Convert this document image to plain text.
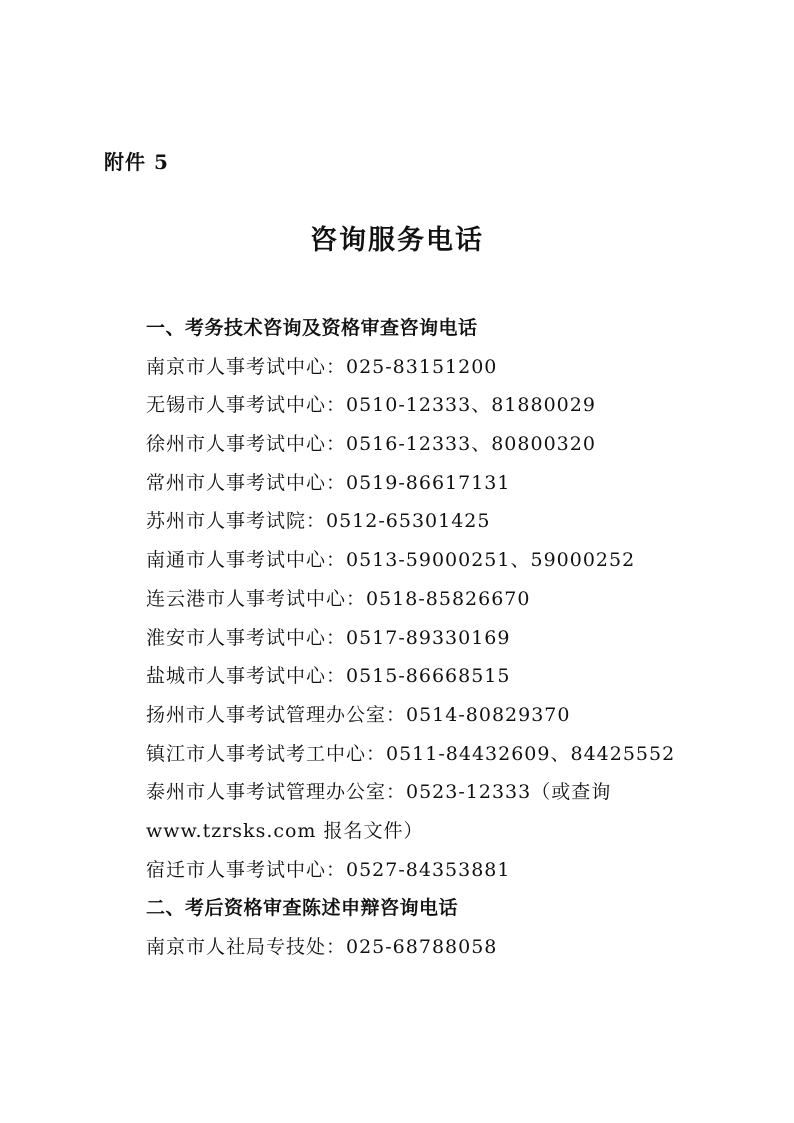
附件 5
咨询服务电话
一、考务技术咨询及资格审查咨询电话
南京市人事考试中心：025-83151200
无锡市人事考试中心：0510-12333、81880029
徐州市人事考试中心：0516-12333、80800320
常州市人事考试中心：0519-86617131
苏州市人事考试院：0512-65301425
南通市人事考试中心：0513-59000251、59000252
连云港市人事考试中心：0518-85826670
淮安市人事考试中心：0517-89330169
盐城市人事考试中心：0515-86668515
扬州市人事考试管理办公室：0514-80829370
镇江市人事考试考工中心：0511-84432609、84425552
泰州市人事考试管理办公室：0523-12333（或查询
www.tzrsks.com 报名文件）
宿迁市人事考试中心：0527-84353881
二、考后资格审查陈述申辩咨询电话
南京市人社局专技处：025-68788058
